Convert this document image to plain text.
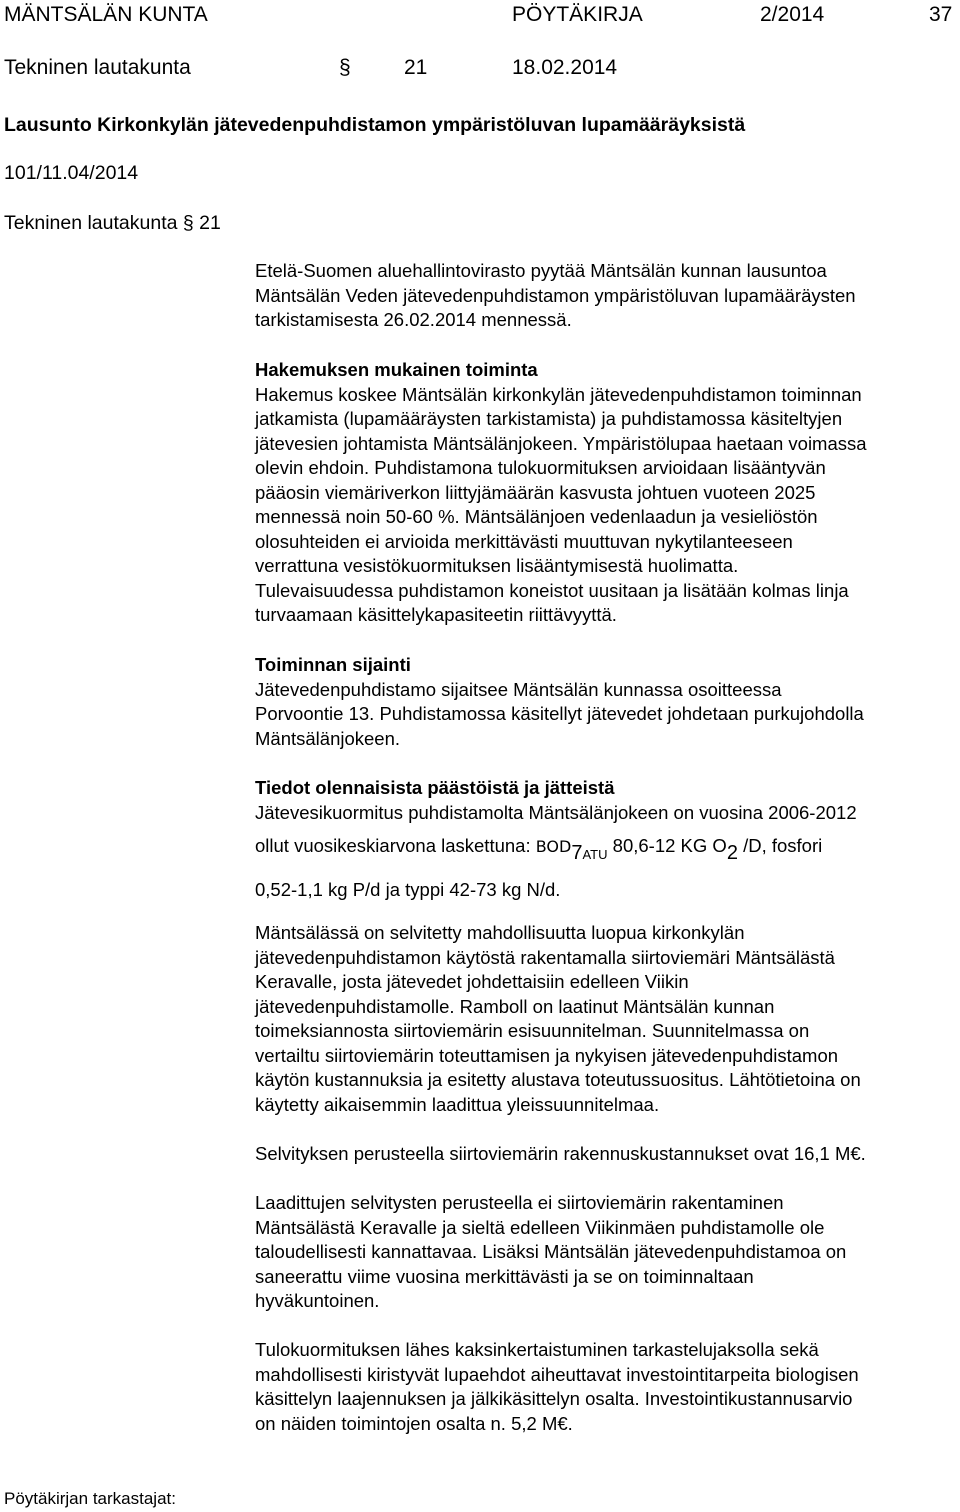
MÄNTSÄLÄN KUNTA	PÖYTÄKIRJA	2/2014	37
Tekninen lautakunta	§	21	18.02.2014
Lausunto Kirkonkylän jätevedenpuhdistamon ympäristöluvan lupamääräyksistä
101/11.04/2014
Tekninen lautakunta § 21
Etelä-Suomen aluehallintovirasto pyytää Mäntsälän kunnan lausuntoa
Mäntsälän Veden jätevedenpuhdistamon ympäristöluvan lupamääräysten
tarkistamisesta 26.02.2014 mennessä.
Hakemuksen mukainen toiminta
Hakemus koskee Mäntsälän kirkonkylän jätevedenpuhdistamon toiminnan
jatkamista (lupamääräysten tarkistamista) ja puhdistamossa käsiteltyjen
jätevesien johtamista Mäntsälänjokeen. Ympäristölupaa haetaan voimassa
olevin ehdoin. Puhdistamona tulokuormituksen arvioidaan lisääntyvän
pääosin viemäriverkon liittyjämäärän kasvusta johtuen vuoteen 2025
mennessä noin 50-60 %. Mäntsälänjoen vedenlaadun ja vesieliöstön
olosuhteiden ei arvioida merkittävästi muuttuvan nykytilanteeseen
verrattuna vesistökuormituksen lisääntymisestä huolimatta.
Tulevaisuudessa puhdistamon koneistot uusitaan ja lisätään kolmas linja
turvaamaan käsittelykapasiteetin riittävyyttä.
Toiminnan sijainti
Jätevedenpuhdistamo sijaitsee Mäntsälän kunnassa osoitteessa
Porvoontie 13. Puhdistamossa käsitellyt jätevedet johdetaan purkujohdolla
Mäntsälänjokeen.
Tiedot olennaisista päästöistä ja jätteistä
Jätevesikuormitus puhdistamolta Mäntsälänjokeen on vuosina 2006-2012
ollut vuosikeskiarvona laskettuna: $BOD7_{ATU}$ 80,6-12 KG O2 /D, fosfori
0,52-1,1 kg P/d ja typpi 42-73 kg N/d.
Mäntsälässä on selvitetty mahdollisuutta luopua kirkonkylän
jätevedenpuhdistamon käytöstä rakentamalla siirtoviemäri Mäntsälästä
Keravalle, josta jätevedet johdettaisiin edelleen Viikin
jätevedenpuhdistamolle. Ramboll on laatinut Mäntsälän kunnan
toimeksiannosta siirtoviemärin esisuunnitelman. Suunnitelmassa on
vertailtu siirtoviemärin toteuttamisen ja nykyisen jätevedenpuhdistamon
käytön kustannuksia ja esitetty alustava toteutussuositus. Lähtötietoina on
käytetty aikaisemmin laadittua yleissuunnitelmaa.
Selvityksen perusteella siirtoviemärin rakennuskustannukset ovat 16,1 M€.
Laadittujen selvitysten perusteella ei siirtoviemärin rakentaminen
Mäntsälästä Keravalle ja sieltä edelleen Viikinmäen puhdistamolle ole
taloudellisesti kannattavaa. Lisäksi Mäntsälän jätevedenpuhdistamoa on
saneerattu viime vuosina merkittävästi ja se on toiminnaltaan
hyväkuntoinen.
Tulokuormituksen lähes kaksinkertaistuminen tarkastelujaksolla sekä
mahdollisesti kiristyvät lupaehdot aiheuttavat investointitarpeita biologisen
käsittelyn laajennuksen ja jälkikäsittelyn osalta. Investointikustannusarvio
on näiden toimintojen osalta n. 5,2 M€.
Pöytäkirjan tarkastajat:
